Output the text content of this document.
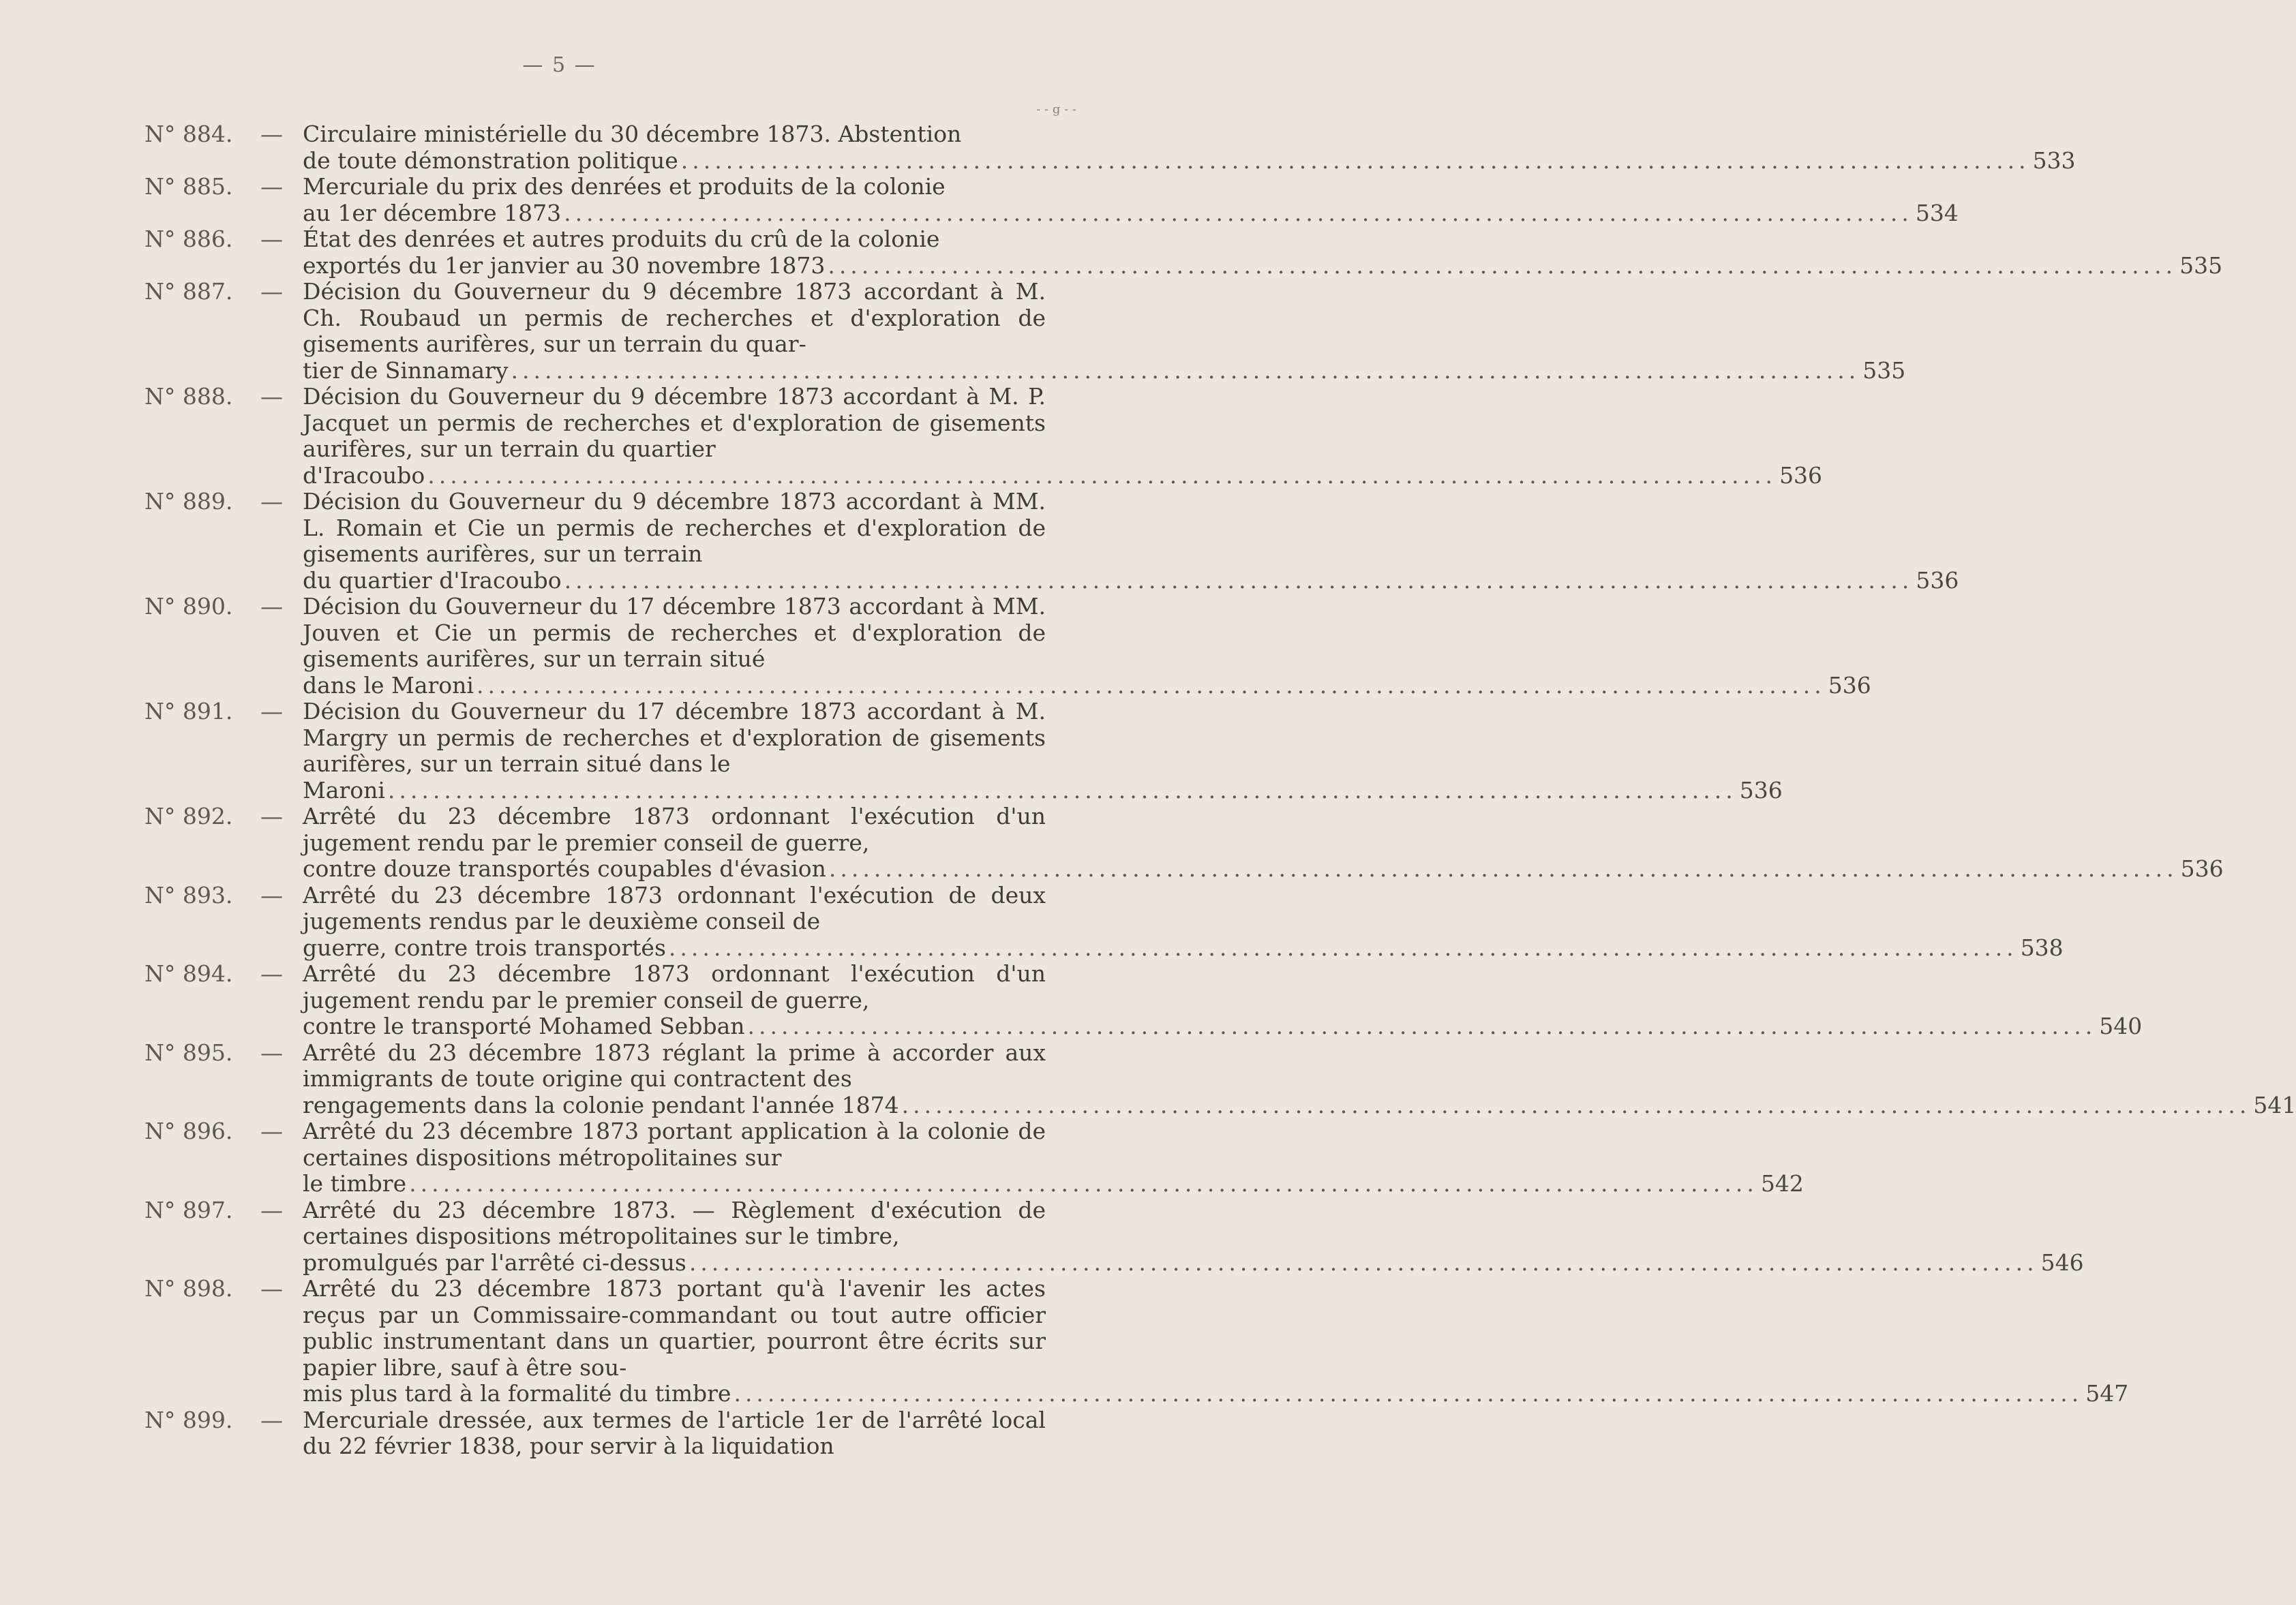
— 5 —
- - g - -
N° 884.	— Circulaire ministérielle du 30 décembre 1873. Abstention
de toute démonstration politique ........................................................................................................................ 533
N° 885.	— Mercuriale du prix des denrées et produits de la colonie
au 1er décembre 1873 ........................................................................................................................ 534
N° 886.	— État des denrées et autres produits du crû de la colonie
exportés du 1er janvier au 30 novembre 1873 ........................................................................................................................ 535
N° 887.	— Décision du Gouverneur du 9 décembre 1873 accordant à M. Ch. Roubaud un permis de recherches et d'exploration de gisements aurifères, sur un terrain du quar-
tier de Sinnamary ........................................................................................................................ 535
N° 888.	— Décision du Gouverneur du 9 décembre 1873 accordant à M. P. Jacquet un permis de recherches et d'exploration de gisements aurifères, sur un terrain du quartier
d'Iracoubo ........................................................................................................................ 536
N° 889.	— Décision du Gouverneur du 9 décembre 1873 accordant à MM. L. Romain et Cie un permis de recherches et d'exploration de gisements aurifères, sur un terrain
du quartier d'Iracoubo ........................................................................................................................ 536
N° 890.	— Décision du Gouverneur du 17 décembre 1873 accordant à MM. Jouven et Cie un permis de recherches et d'exploration de gisements aurifères, sur un terrain situé
dans le Maroni ........................................................................................................................ 536
N° 891.	— Décision du Gouverneur du 17 décembre 1873 accordant à M. Margry un permis de recherches et d'exploration de gisements aurifères, sur un terrain situé dans le
Maroni ........................................................................................................................ 536
N° 892.	— Arrêté du 23 décembre 1873 ordonnant l'exécution d'un jugement rendu par le premier conseil de guerre,
contre douze transportés coupables d'évasion ........................................................................................................................ 536
N° 893.	— Arrêté du 23 décembre 1873 ordonnant l'exécution de deux jugements rendus par le deuxième conseil de
guerre, contre trois transportés ........................................................................................................................ 538
N° 894.	— Arrêté du 23 décembre 1873 ordonnant l'exécution d'un jugement rendu par le premier conseil de guerre,
contre le transporté Mohamed Sebban ........................................................................................................................ 540
N° 895.	— Arrêté du 23 décembre 1873 réglant la prime à accorder aux immigrants de toute origine qui contractent des
rengagements dans la colonie pendant l'année 1874 ........................................................................................................................ 541
N° 896.	— Arrêté du 23 décembre 1873 portant application à la colonie de certaines dispositions métropolitaines sur
le timbre ........................................................................................................................ 542
N° 897.	— Arrêté du 23 décembre 1873. — Règlement d'exécution de certaines dispositions métropolitaines sur le timbre,
promulgués par l'arrêté ci-dessus ........................................................................................................................ 546
N° 898.	— Arrêté du 23 décembre 1873 portant qu'à l'avenir les actes reçus par un Commissaire-commandant ou tout autre officier public instrumentant dans un quartier, pourront être écrits sur papier libre, sauf à être sou-
mis plus tard à la formalité du timbre ........................................................................................................................ 547
N° 899.	— Mercuriale dressée, aux termes de l'article 1er de l'arrêté local du 22 février 1838, pour servir à la liquidation
